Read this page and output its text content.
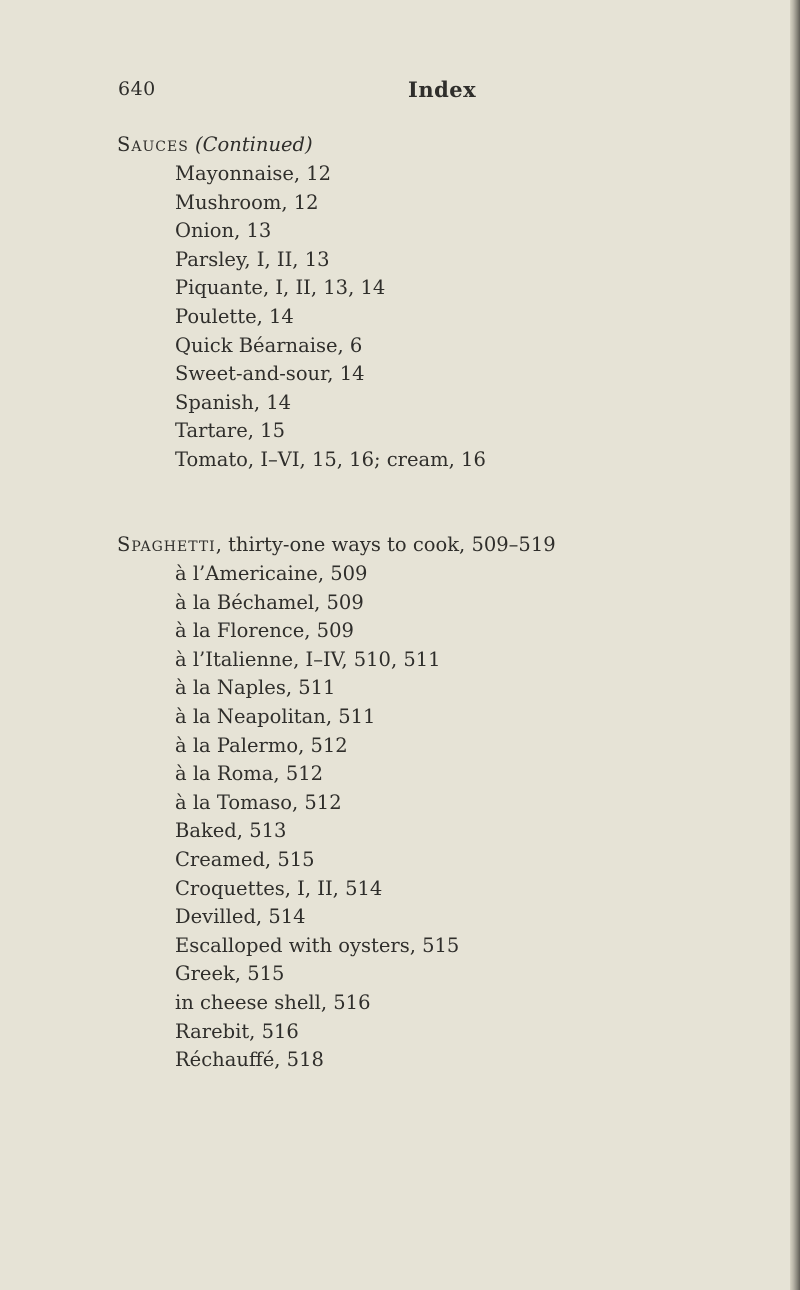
640	Index
Sauces (Continued)
Mayonnaise, 12
Mushroom, 12
Onion, 13
Parsley, I, II, 13
Piquante, I, II, 13, 14
Poulette, 14
Quick Béarnaise, 6
Sweet-and-sour, 14
Spanish, 14
Tartare, 15
Tomato, I–VI, 15, 16; cream, 16
Spaghetti, thirty-one ways to cook, 509–519
à l’Americaine, 509
à la Béchamel, 509
à la Florence, 509
à l’Italienne, I–IV, 510, 511
à la Naples, 511
à la Neapolitan, 511
à la Palermo, 512
à la Roma, 512
à la Tomaso, 512
Baked, 513
Creamed, 515
Croquettes, I, II, 514
Devilled, 514
Escalloped with oysters, 515
Greek, 515
in cheese shell, 516
Rarebit, 516
Réchauffé, 518
